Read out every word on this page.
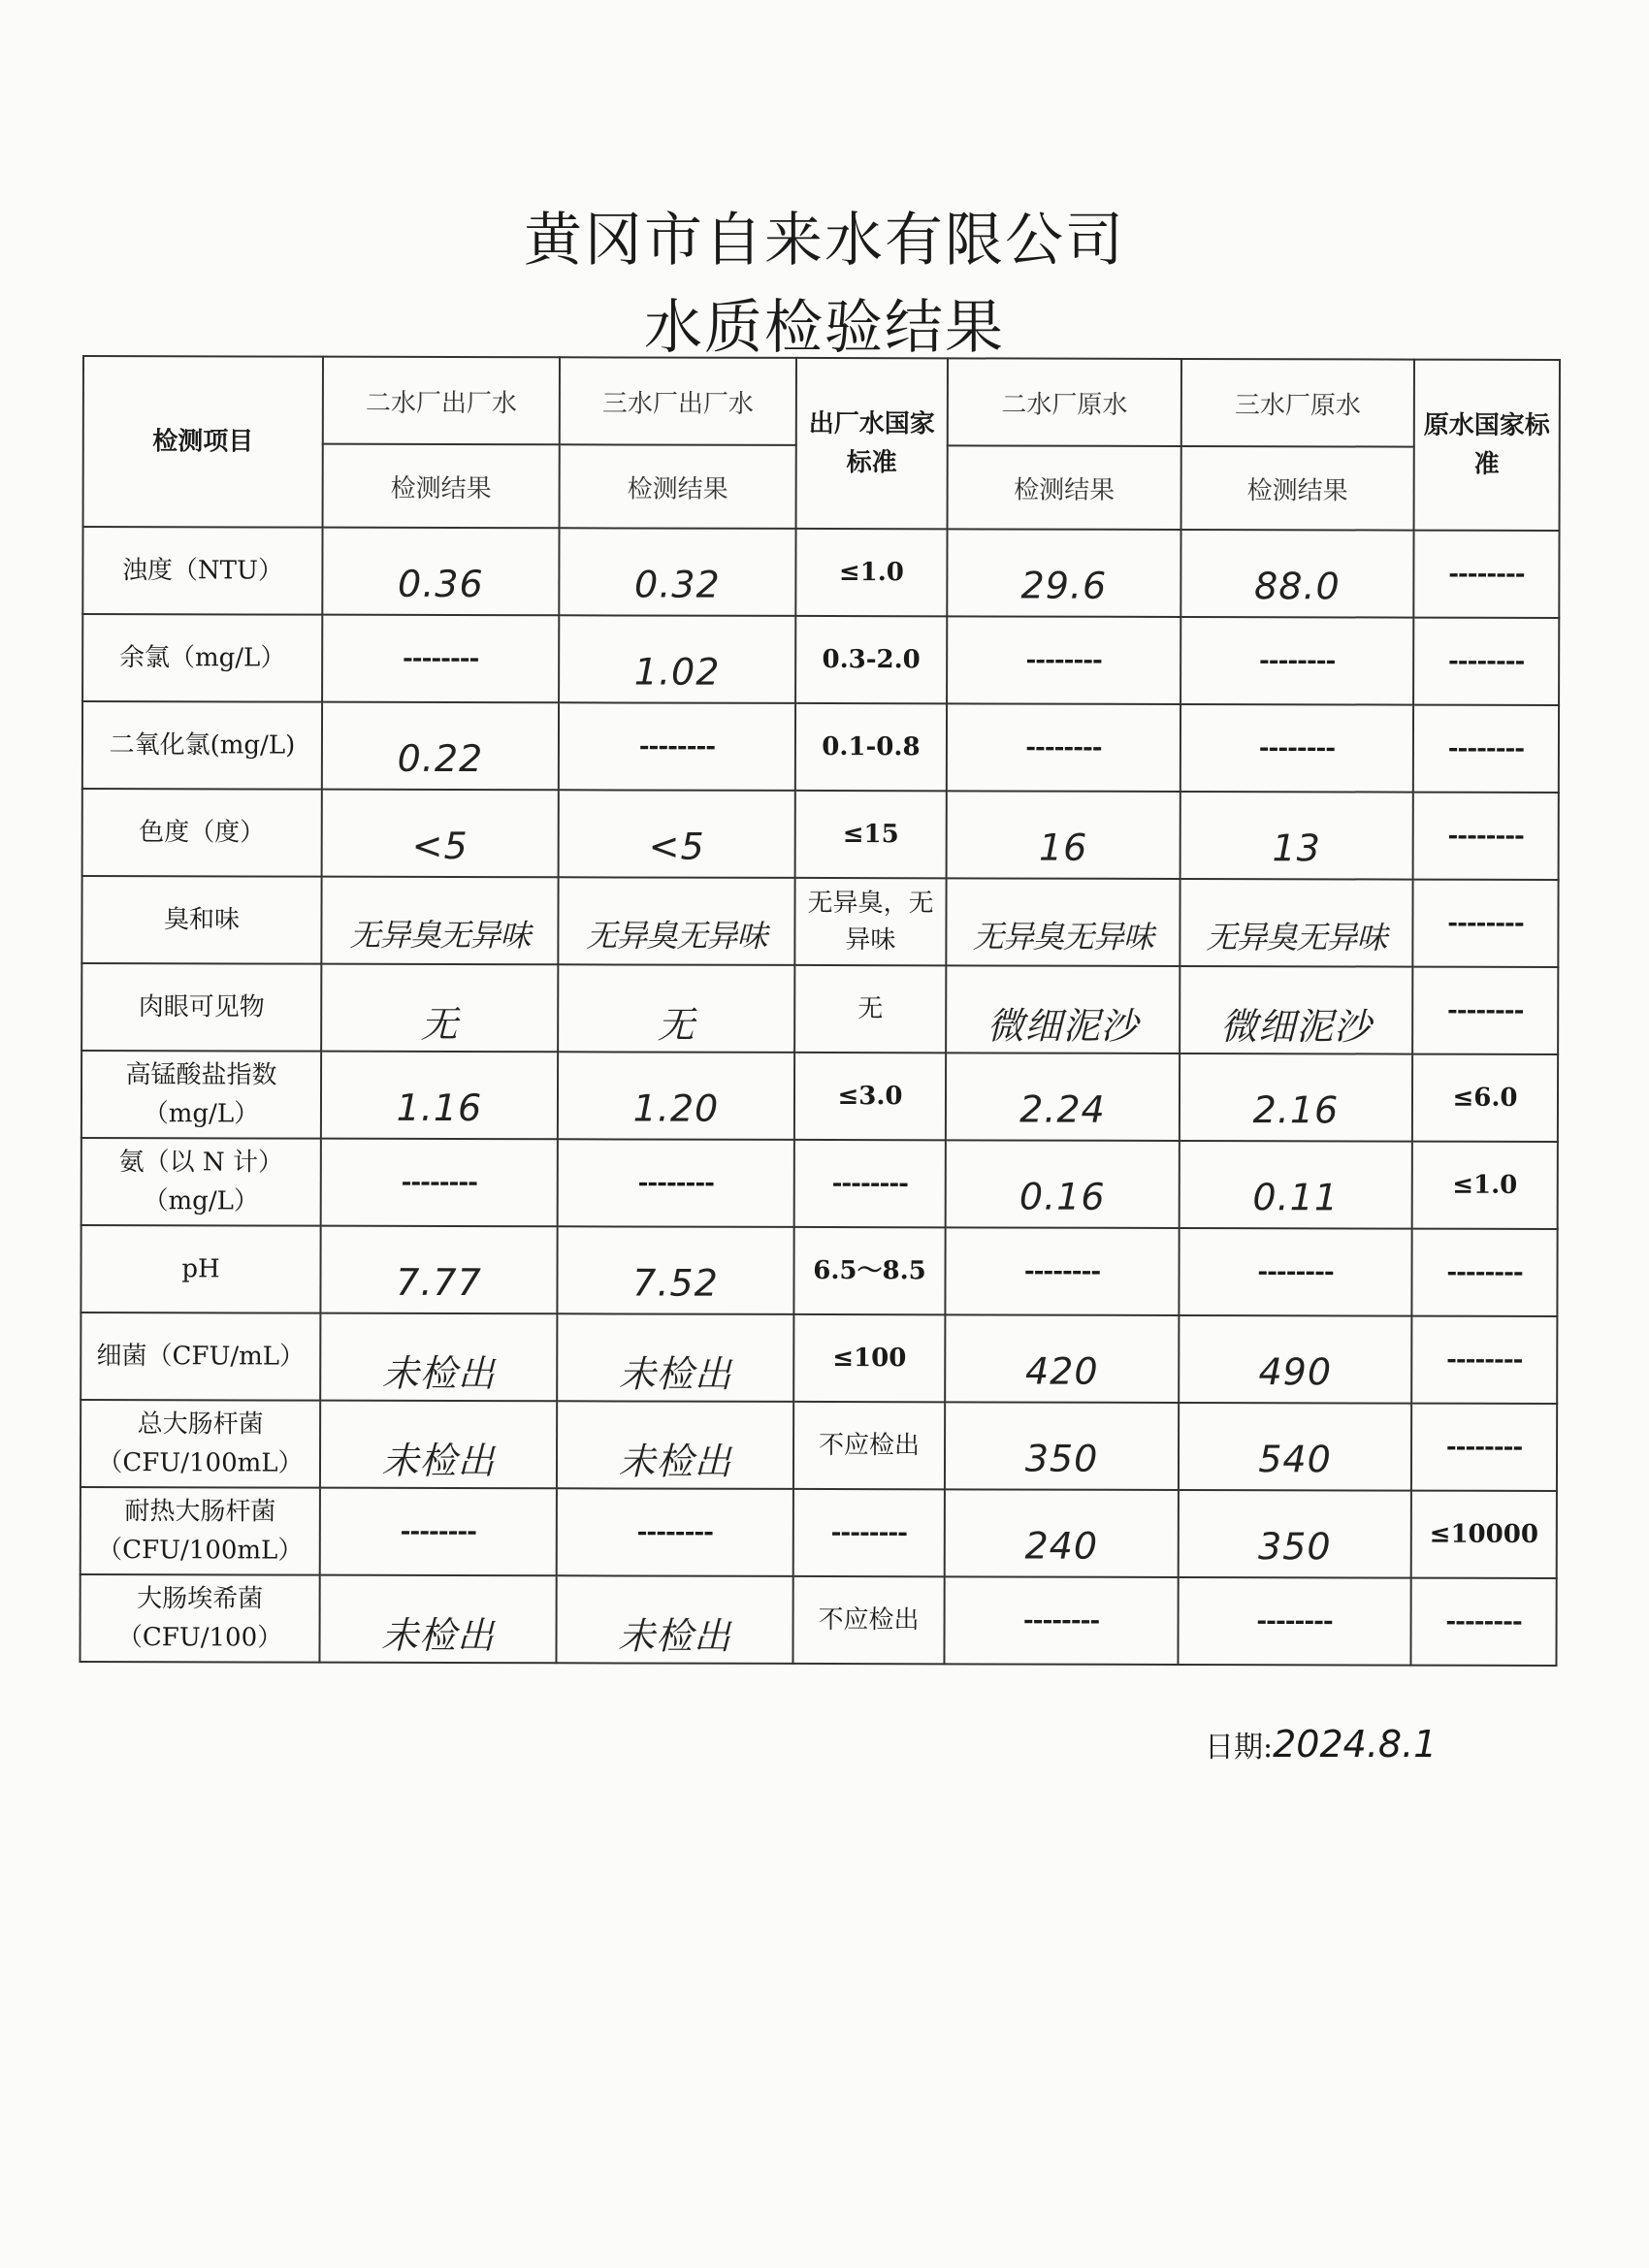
黄冈市自来水有限公司
水质检验结果
检测项目	二水厂出厂水	三水厂出厂水	出厂水国家标准	二水厂原水	三水厂原水	原水国家标准
	检测结果	检测结果		检测结果	检测结果	
浊度（NTU）	0.36	0.32	≤1.0	29.6	88.0	--------
余氯（mg/L）	--------	1.02	0.3-2.0	--------	--------	--------
二氧化氯(mg/L)	0.22	--------	0.1-0.8	--------	--------	--------
色度（度）	<5	<5	≤15	16	13	--------
臭和味	无异臭无异味	无异臭无异味	无异臭，无异味	无异臭无异味	无异臭无异味	--------
肉眼可见物	无	无	无	微细泥沙	微细泥沙	--------
高锰酸盐指数（mg/L）	1.16	1.20	≤3.0	2.24	2.16	≤6.0
氨（以 N 计）（mg/L）	--------	--------	--------	0.16	0.11	≤1.0
pH	7.77	7.52	6.5～8.5	--------	--------	--------
细菌（CFU/mL）	未检出	未检出	≤100	420	490	--------
总大肠杆菌（CFU/100mL）	未检出	未检出	不应检出	350	540	--------
耐热大肠杆菌（CFU/100mL）	--------	--------	--------	240	350	≤10000
大肠埃希菌（CFU/100）	未检出	未检出	不应检出	--------	--------	--------
日期:2024.8.1
